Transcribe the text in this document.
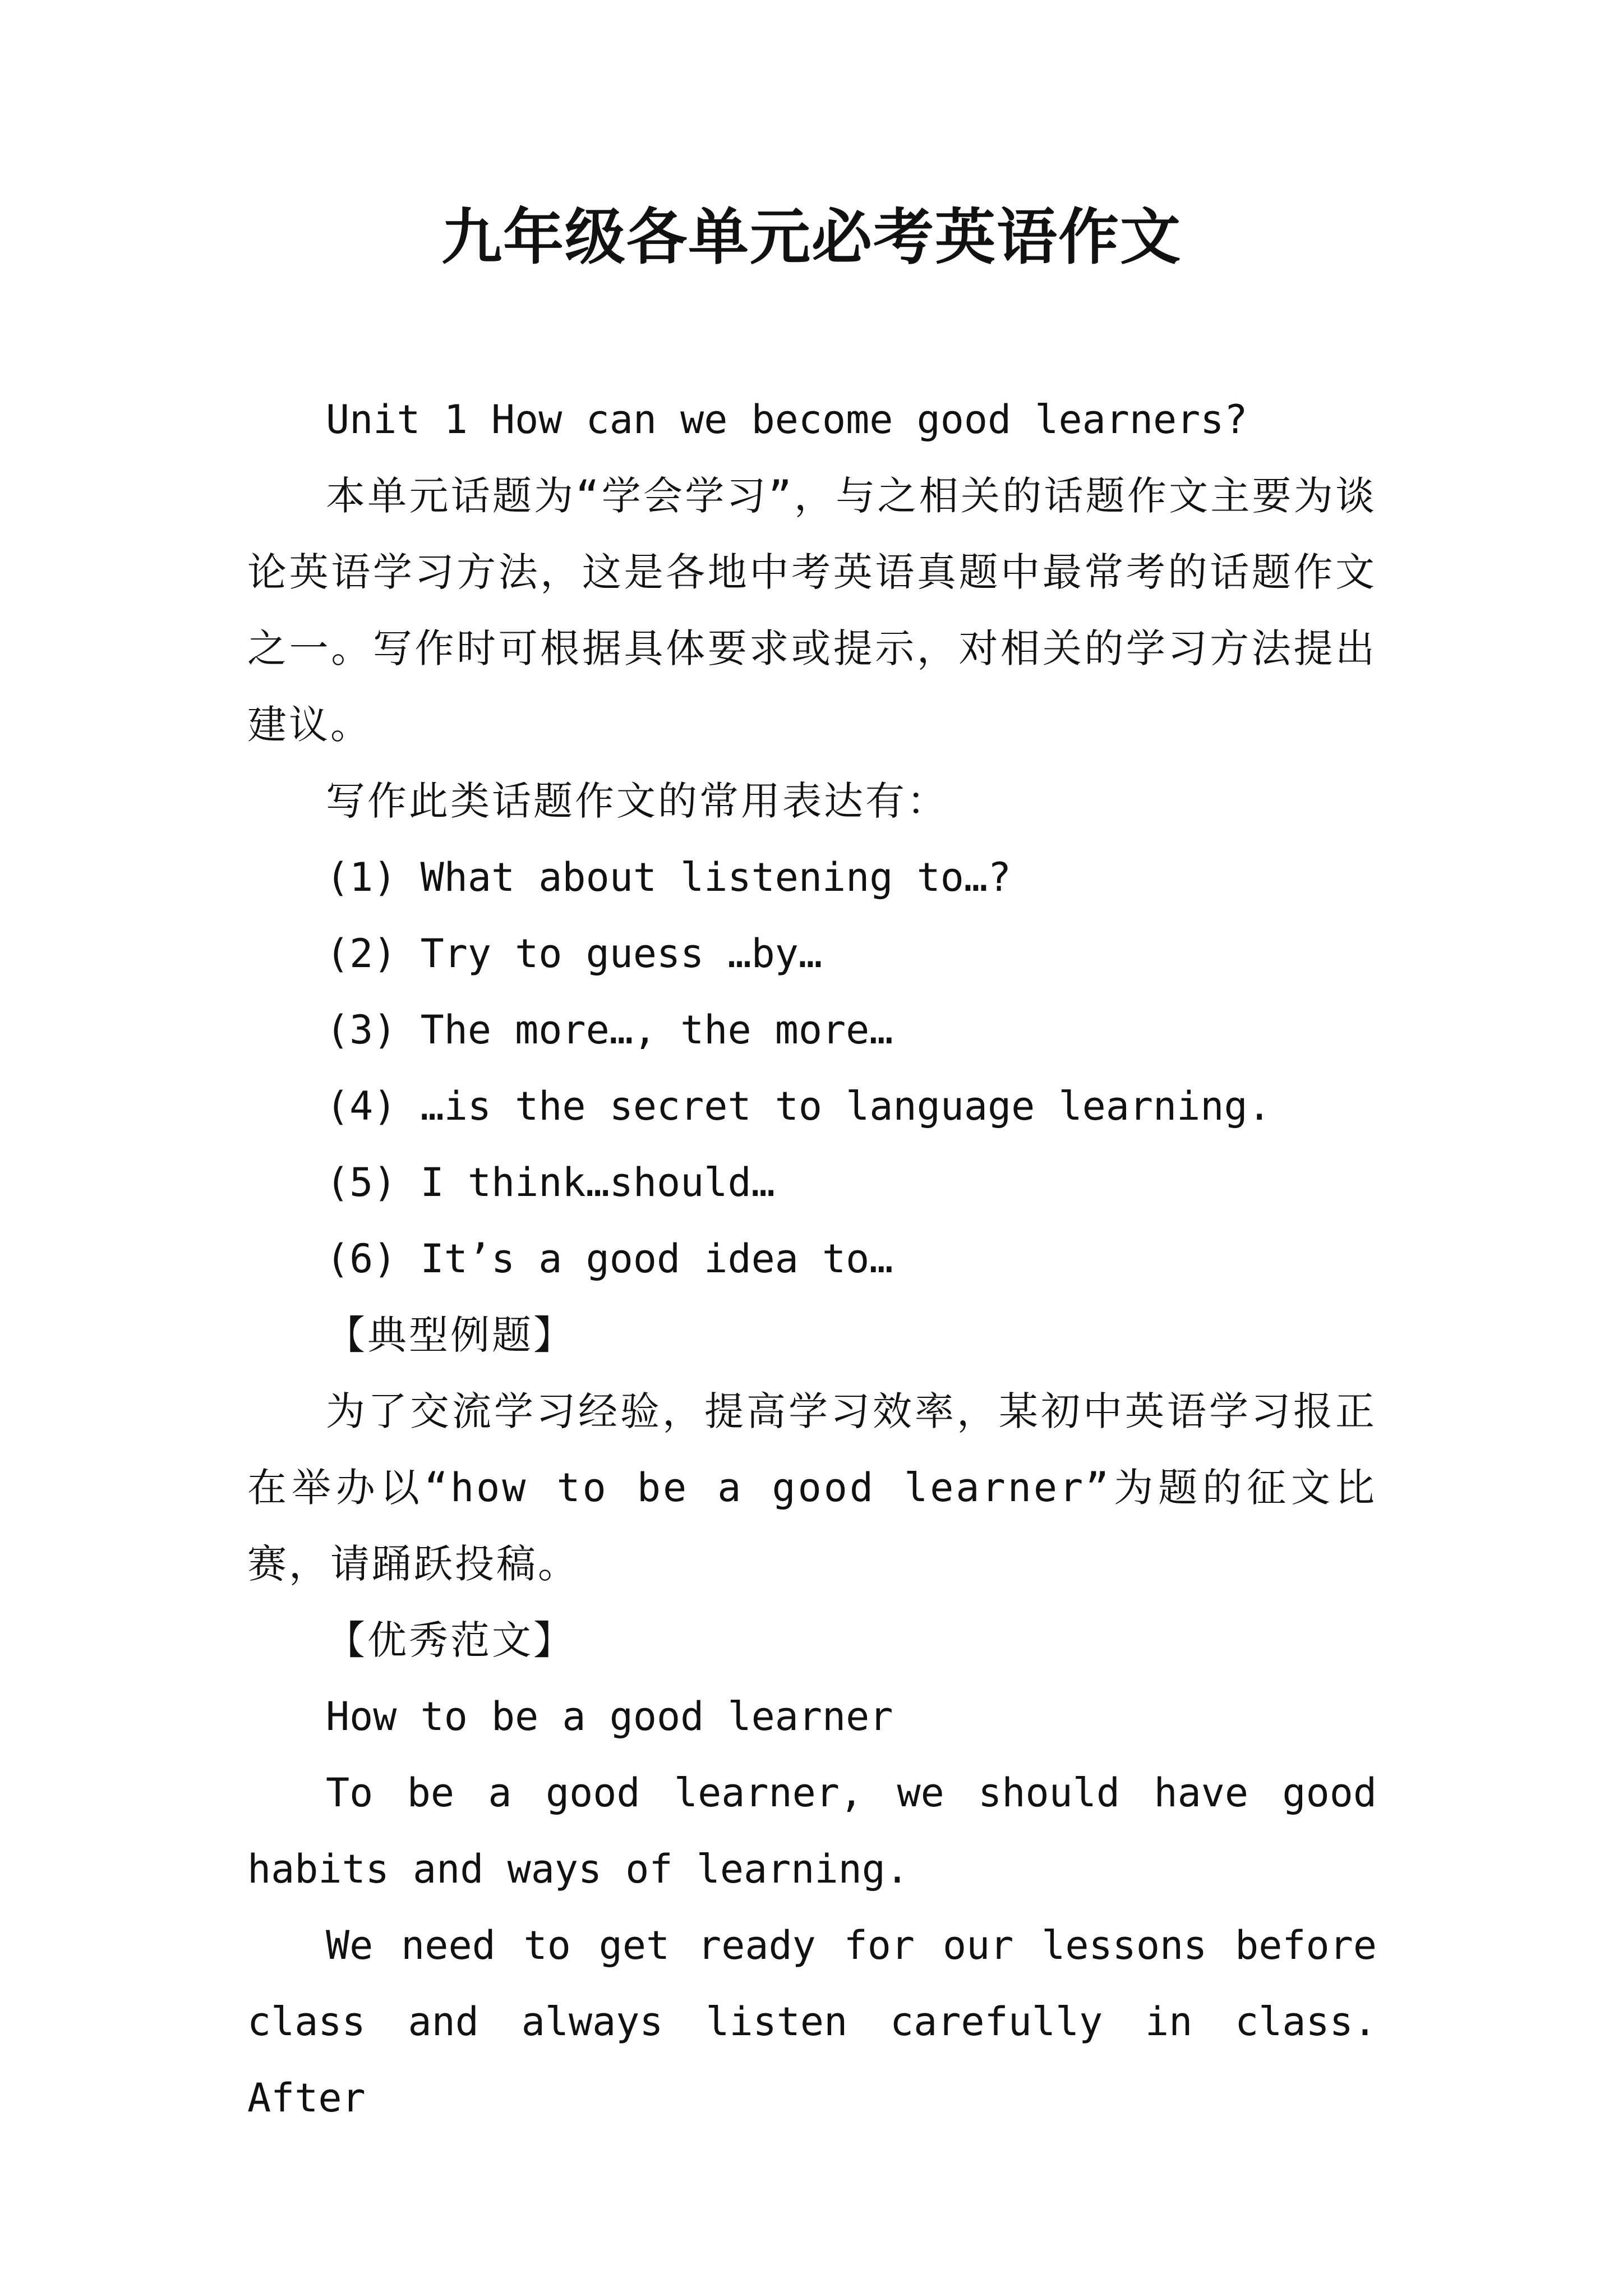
九年级各单元必考英语作文

Unit 1 How can we become good learners?

本单元话题为“学会学习”，与之相关的话题作文主要为谈论英语学习方法，这是各地中考英语真题中最常考的话题作文之一。写作时可根据具体要求或提示，对相关的学习方法提出建议。

写作此类话题作文的常用表达有：

(1) What about listening to…?

(2) Try to guess …by…

(3) The more…, the more…

(4) …is the secret to language learning.

(5) I think…should…

(6) It’s a good idea to…

【典型例题】

为了交流学习经验，提高学习效率，某初中英语学习报正在举办以“how to be a good learner”为题的征文比赛，请踊跃投稿。

【优秀范文】

How to be a good learner

To be a good learner, we should have good habits and ways of learning.

We need to get ready for our lessons before class and always listen carefully in class. After
